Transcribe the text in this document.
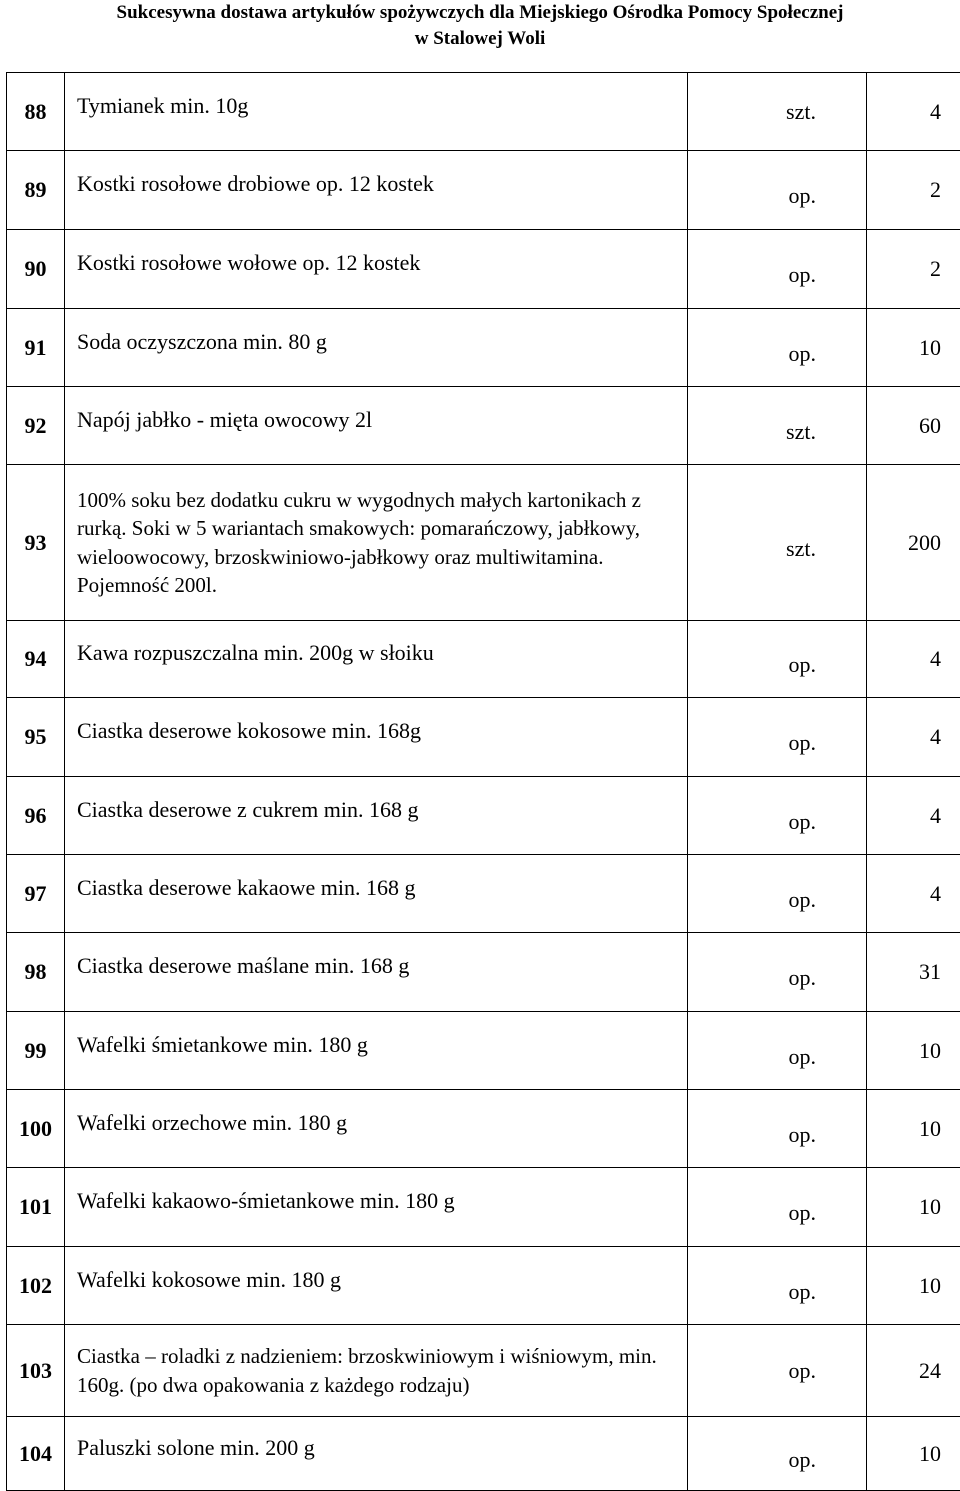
Sukcesywna dostawa artykułów spożywczych dla Miejskiego Ośrodka Pomocy Społecznej
w Stalowej Woli
88	Tymianek min. 10g	szt.	4
89	Kostki rosołowe drobiowe op. 12 kostek	op.	2
90	Kostki rosołowe wołowe op. 12 kostek	op.	2
91	Soda oczyszczona min. 80 g	op.	10
92	Napój jabłko - mięta owocowy 2l	szt.	60
93	100% soku bez dodatku cukru w wygodnych małych kartonikach z rurką. Soki w 5 wariantach smakowych: pomarańczowy, jabłkowy, wieloowocowy, brzoskwiniowo-jabłkowy oraz multiwitamina. Pojemność 200l.	szt.	200
94	Kawa rozpuszczalna min. 200g w słoiku	op.	4
95	Ciastka deserowe kokosowe min. 168g	op.	4
96	Ciastka deserowe z cukrem min. 168 g	op.	4
97	Ciastka deserowe kakaowe min. 168 g	op.	4
98	Ciastka deserowe maślane min. 168 g	op.	31
99	Wafelki śmietankowe min. 180 g	op.	10
100	Wafelki orzechowe min. 180 g	op.	10
101	Wafelki kakaowo-śmietankowe min. 180 g	op.	10
102	Wafelki kokosowe min. 180 g	op.	10
103	Ciastka – roladki z nadzieniem: brzoskwiniowym i wiśniowym, min. 160g. (po dwa opakowania z każdego rodzaju)	op.	24
104	Paluszki solone min. 200 g	op.	10
